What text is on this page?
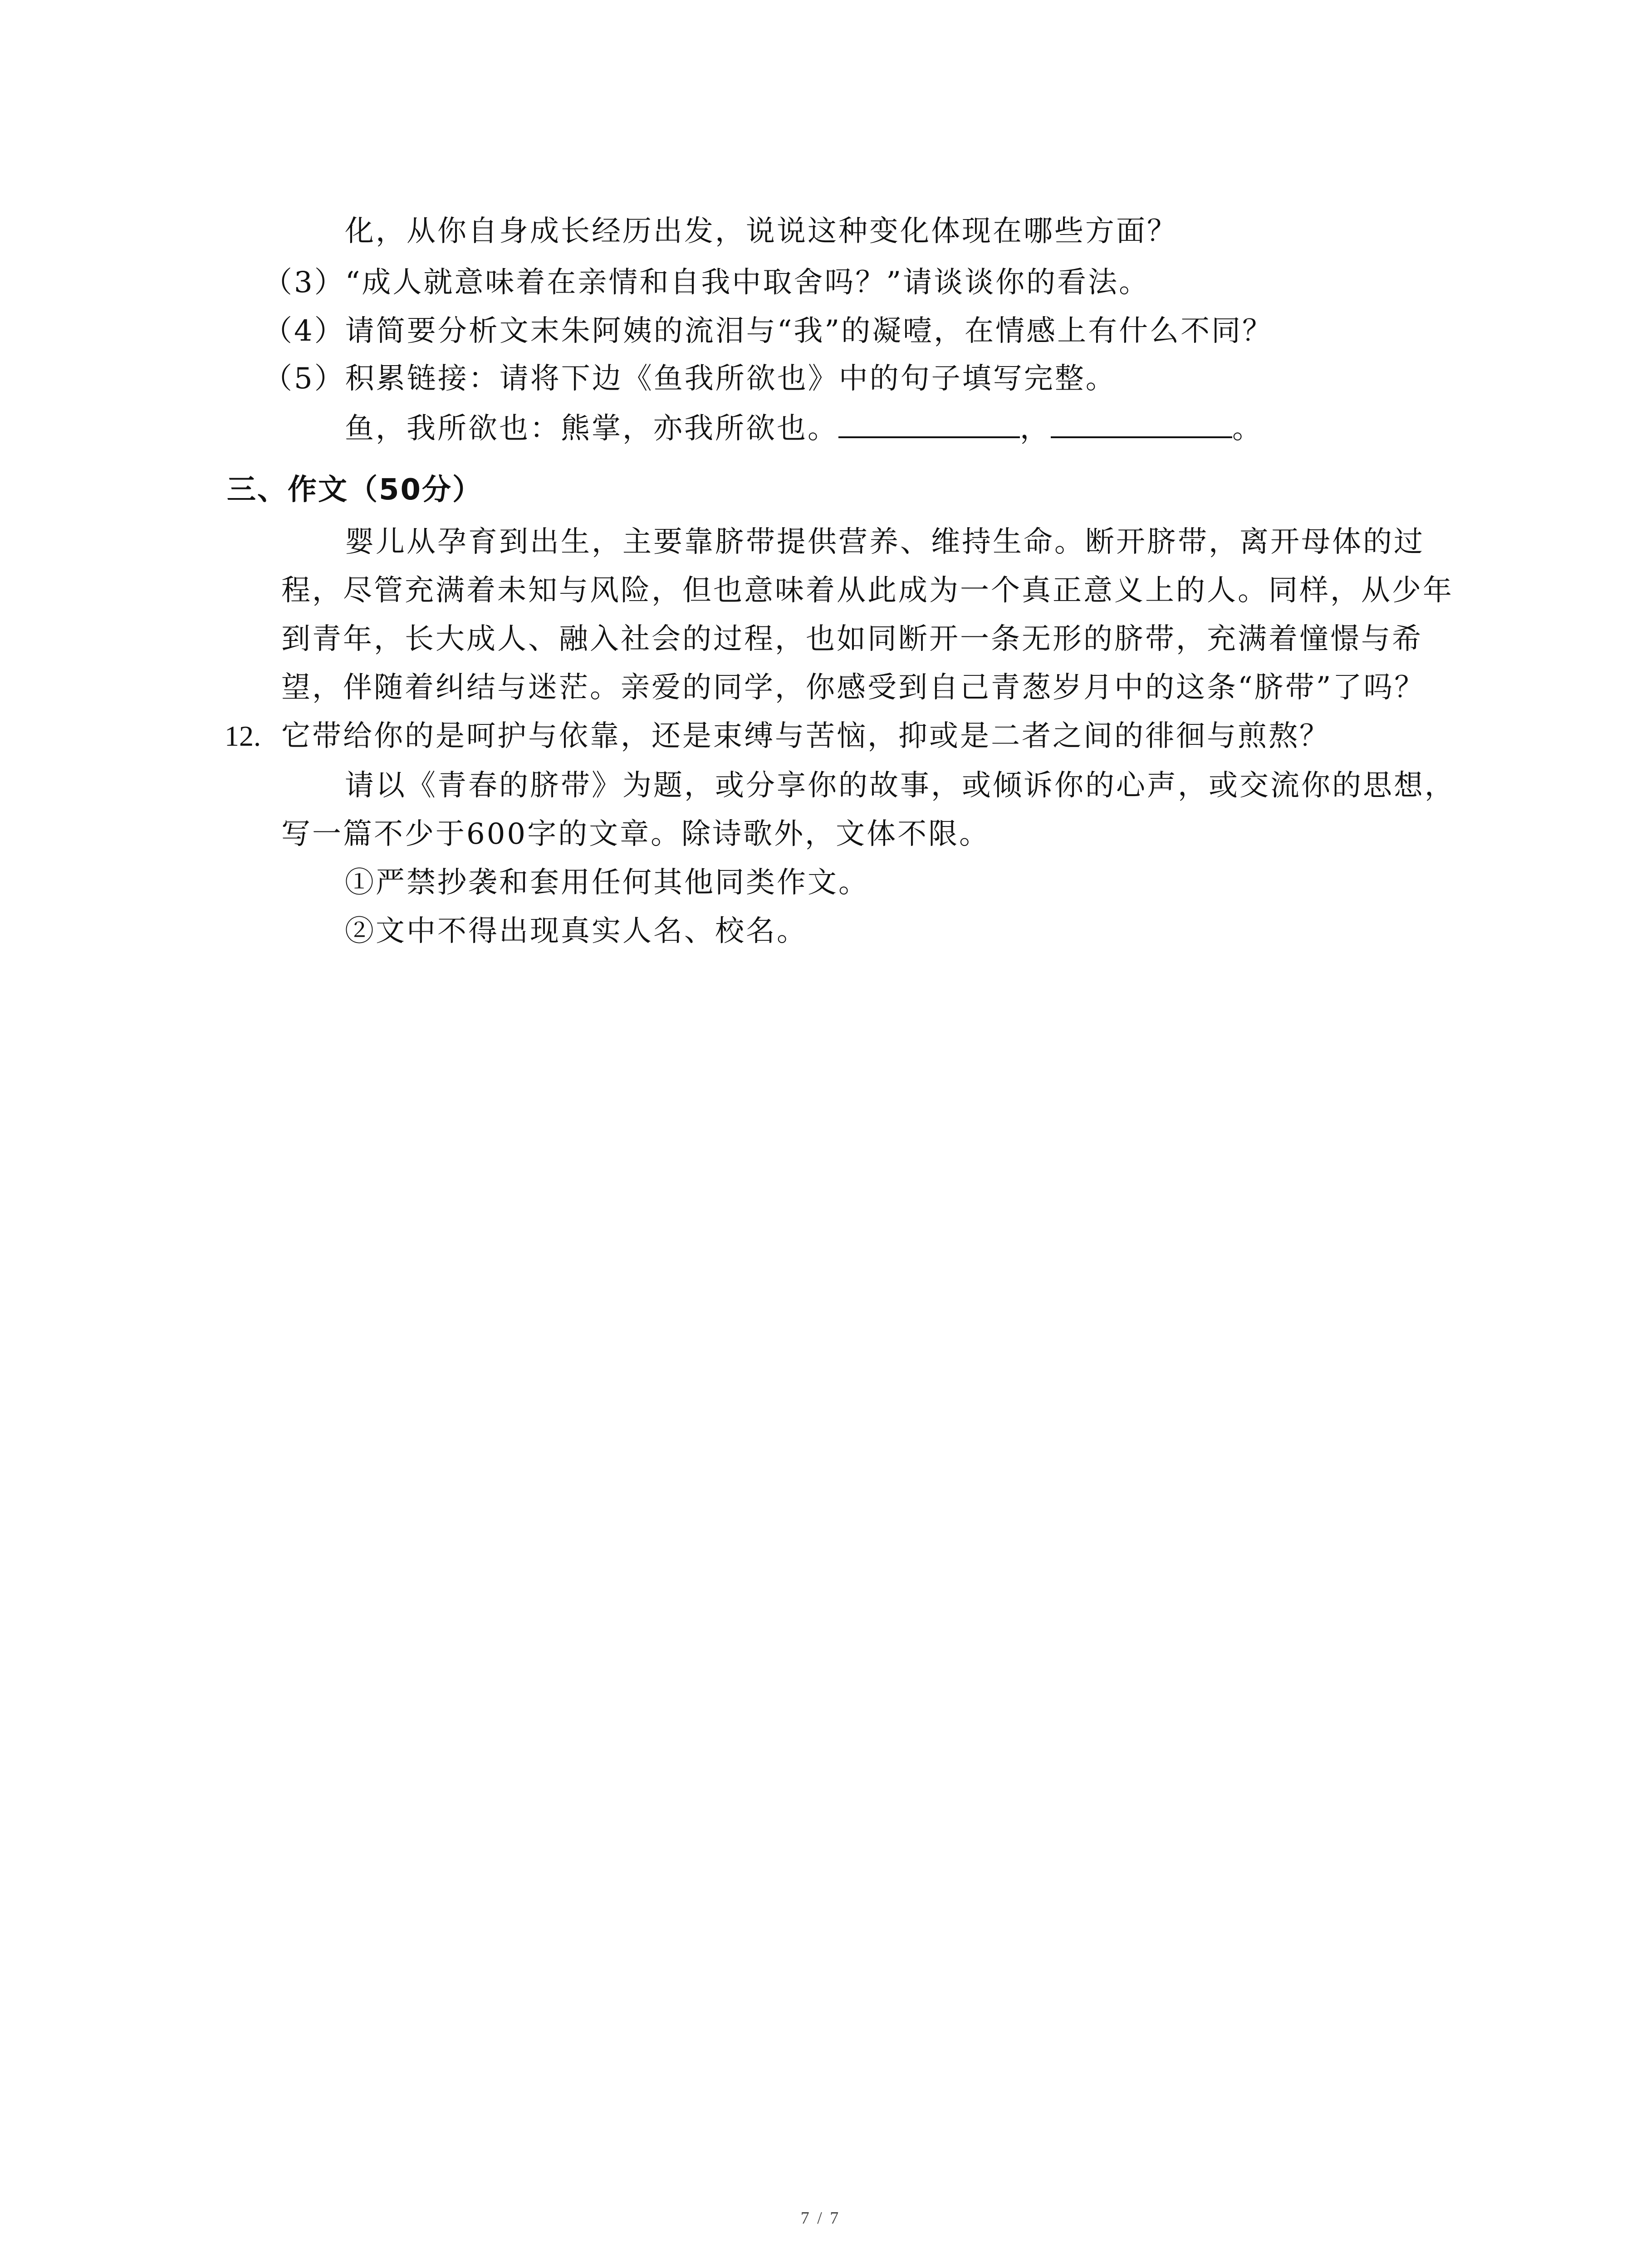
化，从你自身成长经历出发，说说这种变化体现在哪些方面？
（3）“成人就意味着在亲情和自我中取舍吗？”请谈谈你的看法。
（4）请简要分析文末朱阿姨的流泪与“我”的凝噎，在情感上有什么不同？
（5）积累链接：请将下边《鱼我所欲也》中的句子填写完整。
鱼，我所欲也：熊掌，亦我所欲也。	，	。
三、作文（50分）
婴儿从孕育到出生，主要靠脐带提供营养、维持生命。断开脐带，离开母体的过
程，尽管充满着未知与风险，但也意味着从此成为一个真正意义上的人。同样，从少年
到青年，长大成人、融入社会的过程，也如同断开一条无形的脐带，充满着憧憬与希
望，伴随着纠结与迷茫。亲爱的同学，你感受到自己青葱岁月中的这条“脐带”了吗？
12. 它带给你的是呵护与依靠，还是束缚与苦恼，抑或是二者之间的徘徊与煎熬？
请以《青春的脐带》为题，或分享你的故事，或倾诉你的心声，或交流你的思想，
写一篇不少于600字的文章。除诗歌外，文体不限。
①严禁抄袭和套用任何其他同类作文。
②文中不得出现真实人名、校名。
7 / 7
